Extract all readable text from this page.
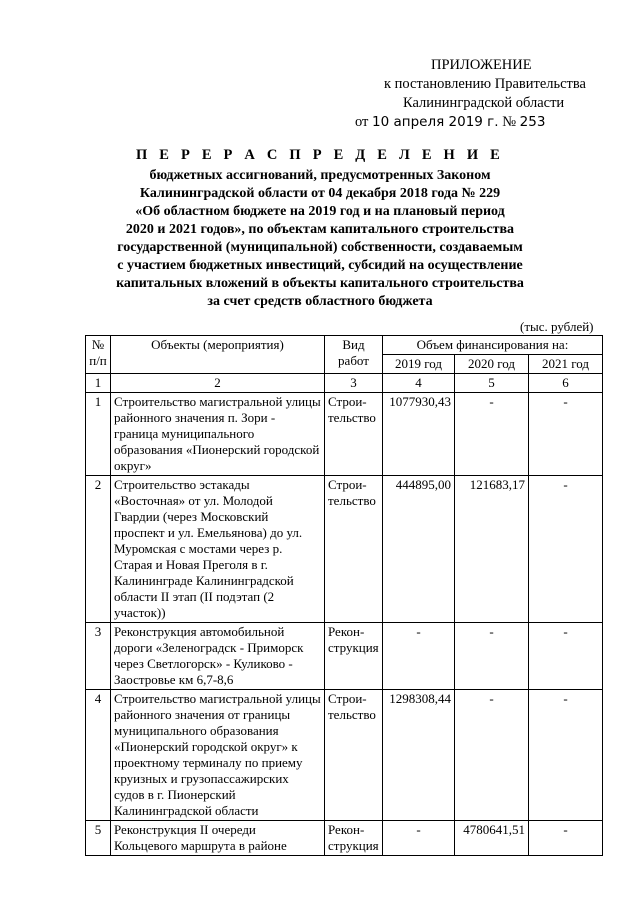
ПРИЛОЖЕНИЕ
к постановлению Правительства
Калининградской области
от 10 апреля 2019 г. № 253
П Е Р Е Р А С П Р Е Д Е Л Е Н И Е
бюджетных ассигнований, предусмотренных Законом
Калининградской области от 04 декабря 2018 года № 229
«Об областном бюджете на 2019 год и на плановый период
2020 и 2021 годов», по объектам капитального строительства
государственной (муниципальной) собственности, создаваемым
с участием бюджетных инвестиций, субсидий на осуществление
капитальных вложений в объекты капитального строительства
за счет средств областного бюджета
(тыс. рублей)
№ п/п	Объекты (мероприятия)	Вид работ	Объем финансирования на:		
			2019 год	2020 год	2021 год
1	2	3	4	5	6
1	Строительство магистральной улицы районного значения п. Зори - граница муниципального образования «Пионерский городской округ»	Строи-тельство	1077930,43	-	-
2	Строительство эстакады «Восточная» от ул. Молодой Гвардии (через Московский проспект и ул. Емельянова) до ул. Муромская с мостами через р. Старая и Новая Преголя в г. Калининграде Калининградской области II этап (II подэтап (2 участок))	Строи-тельство	444895,00	121683,17	-
3	Реконструкция автомобильной дороги «Зеленоградск - Приморск через Светлогорск» - Куликово - Заостровье км 6,7-8,6	Рекон-струкция	-	-	-
4	Строительство магистральной улицы районного значения от границы муниципального образования «Пионерский городской округ» к проектному терминалу по приему круизных и грузопассажирских судов в г. Пионерский Калининградской области	Строи-тельство	1298308,44	-	-
5	Реконструкция II очереди Кольцевого маршрута в районе	Рекон-струкция	-	4780641,51	-
